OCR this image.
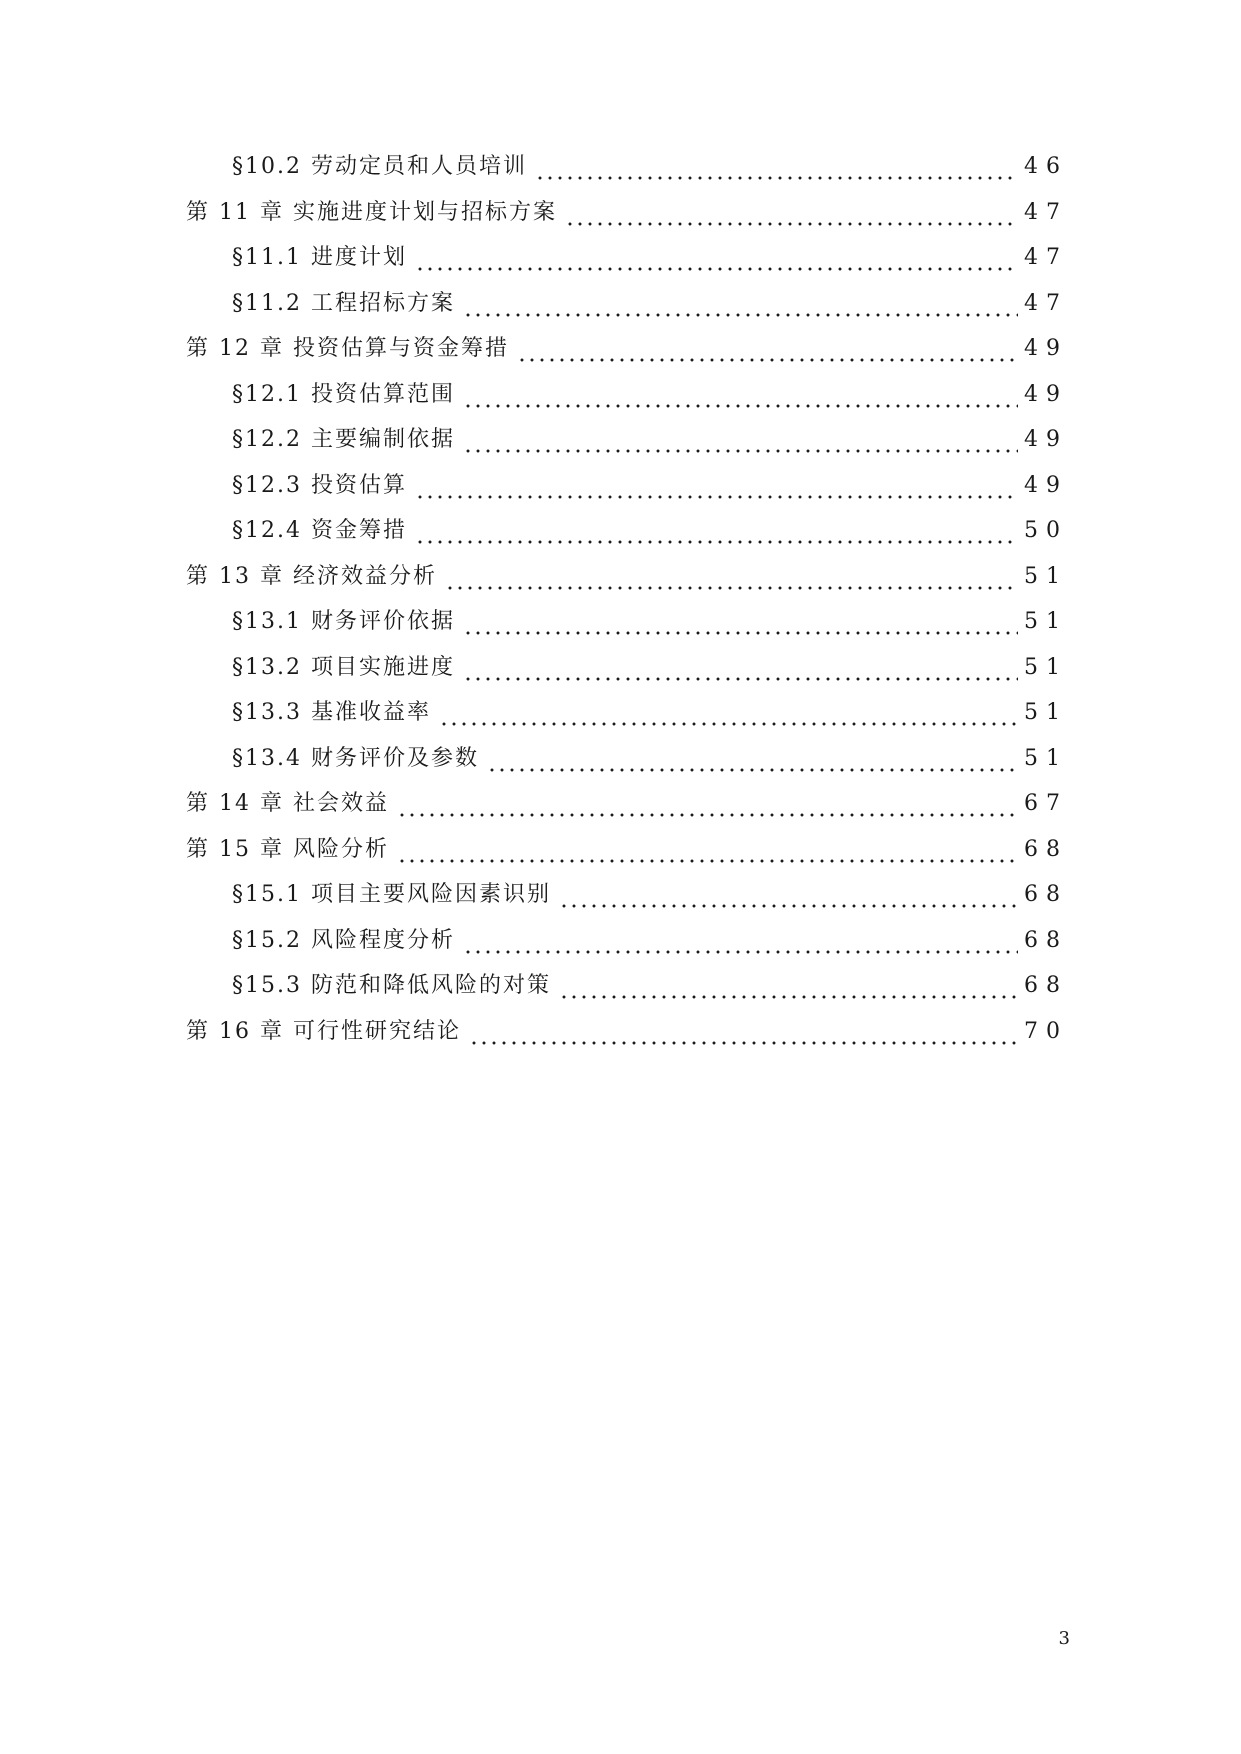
§10.2 劳动定员和人员培训	46
第 11 章 实施进度计划与招标方案	47
§11.1 进度计划	47
§11.2 工程招标方案	47
第 12 章 投资估算与资金筹措	49
§12.1 投资估算范围	49
§12.2 主要编制依据	49
§12.3 投资估算	49
§12.4 资金筹措	50
第 13 章 经济效益分析	51
§13.1 财务评价依据	51
§13.2 项目实施进度	51
§13.3 基准收益率	51
§13.4 财务评价及参数	51
第 14 章 社会效益	67
第 15 章 风险分析	68
§15.1 项目主要风险因素识别	68
§15.2 风险程度分析	68
§15.3 防范和降低风险的对策	68
第 16 章 可行性研究结论	70
3
